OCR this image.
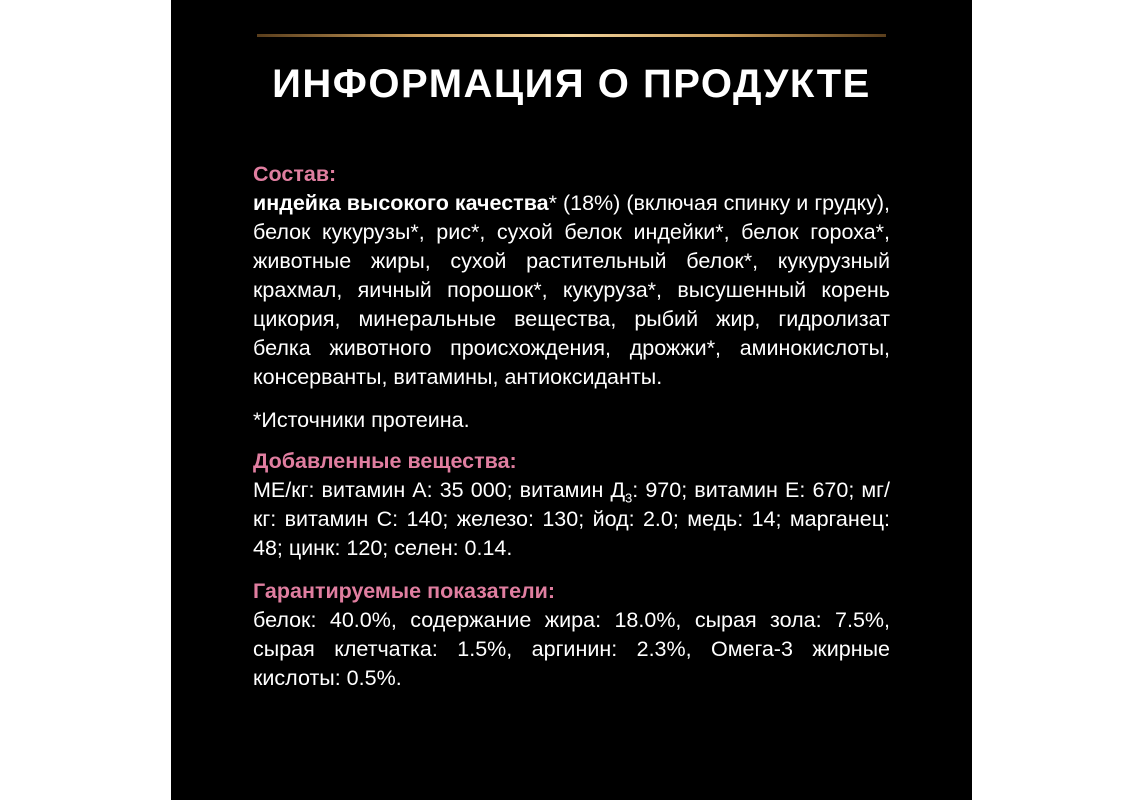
ИНФОРМАЦИЯ О ПРОДУКТЕ

Состав:

индейка высокого качества* (18%) (включая спинку и грудку), белок кукурузы*, рис*, сухой белок индейки*, белок гороха*, животные жиры, сухой растительный белок*, кукурузный крахмал, яичный порошок*, кукуруза*, высушенный корень цикория, минеральные вещества, рыбий жир, гидролизат белка животного происхождения, дрожжи*, аминокислоты, консерванты, витамины, антиоксиданты.

*Источники протеина.

Добавленные вещества:

МЕ/кг: витамин А: 35 000; витамин $Д_3$: 970; витамин Е: 670; мг/кг: витамин С: 140; железо: 130; йод: 2.0; медь: 14; марганец: 48; цинк: 120; селен: 0.14.

Гарантируемые показатели:

белок: 40.0%, содержание жира: 18.0%, сырая зола: 7.5%, сырая клетчатка: 1.5%, аргинин: 2.3%, Омега-3 жирные кислоты: 0.5%.
